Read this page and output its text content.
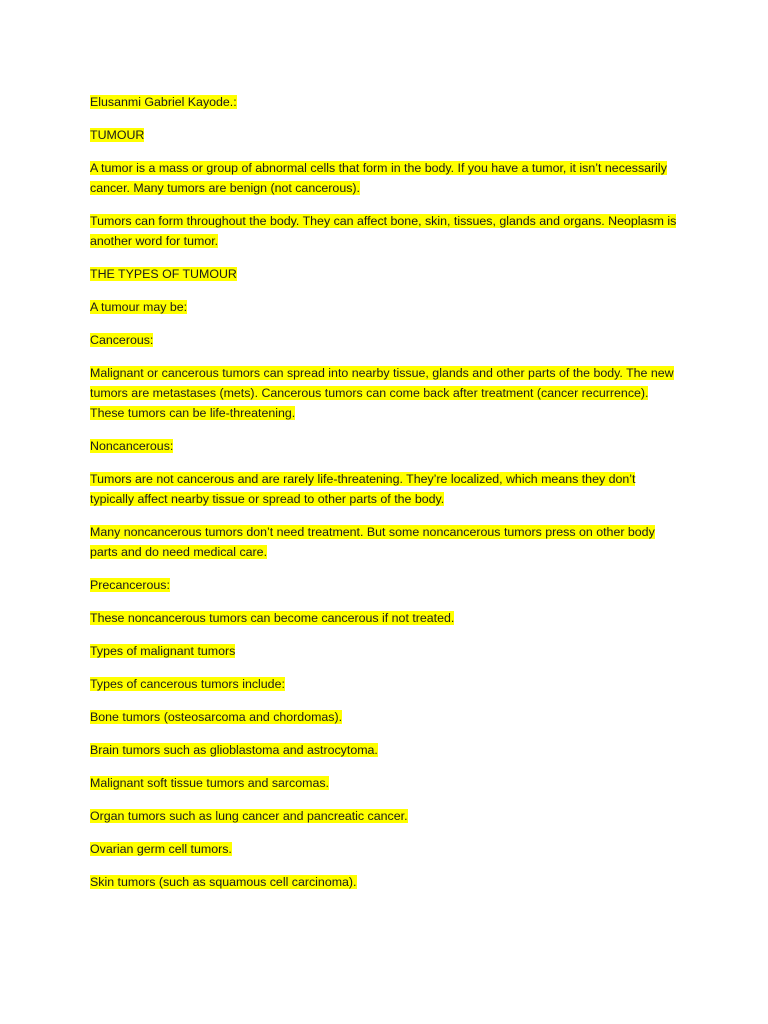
Elusanmi Gabriel Kayode.:

TUMOUR

A tumor is a mass or group of abnormal cells that form in the body. If you have a tumor, it isn’t necessarily cancer. Many tumors are benign (not cancerous).

Tumors can form throughout the body. They can affect bone, skin, tissues, glands and organs. Neoplasm is another word for tumor.

THE TYPES OF TUMOUR

A tumour may be:

Cancerous:

Malignant or cancerous tumors can spread into nearby tissue, glands and other parts of the body. The new tumors are metastases (mets). Cancerous tumors can come back after treatment (cancer recurrence). These tumors can be life-threatening.

Noncancerous:

Tumors are not cancerous and are rarely life-threatening. They’re localized, which means they don’t typically affect nearby tissue or spread to other parts of the body.

Many noncancerous tumors don’t need treatment. But some noncancerous tumors press on other body parts and do need medical care.

Precancerous:

These noncancerous tumors can become cancerous if not treated.

Types of malignant tumors

Types of cancerous tumors include:

Bone tumors (osteosarcoma and chordomas).

Brain tumors such as glioblastoma and astrocytoma.

Malignant soft tissue tumors and sarcomas.

Organ tumors such as lung cancer and pancreatic cancer.

Ovarian germ cell tumors.

Skin tumors (such as squamous cell carcinoma).
